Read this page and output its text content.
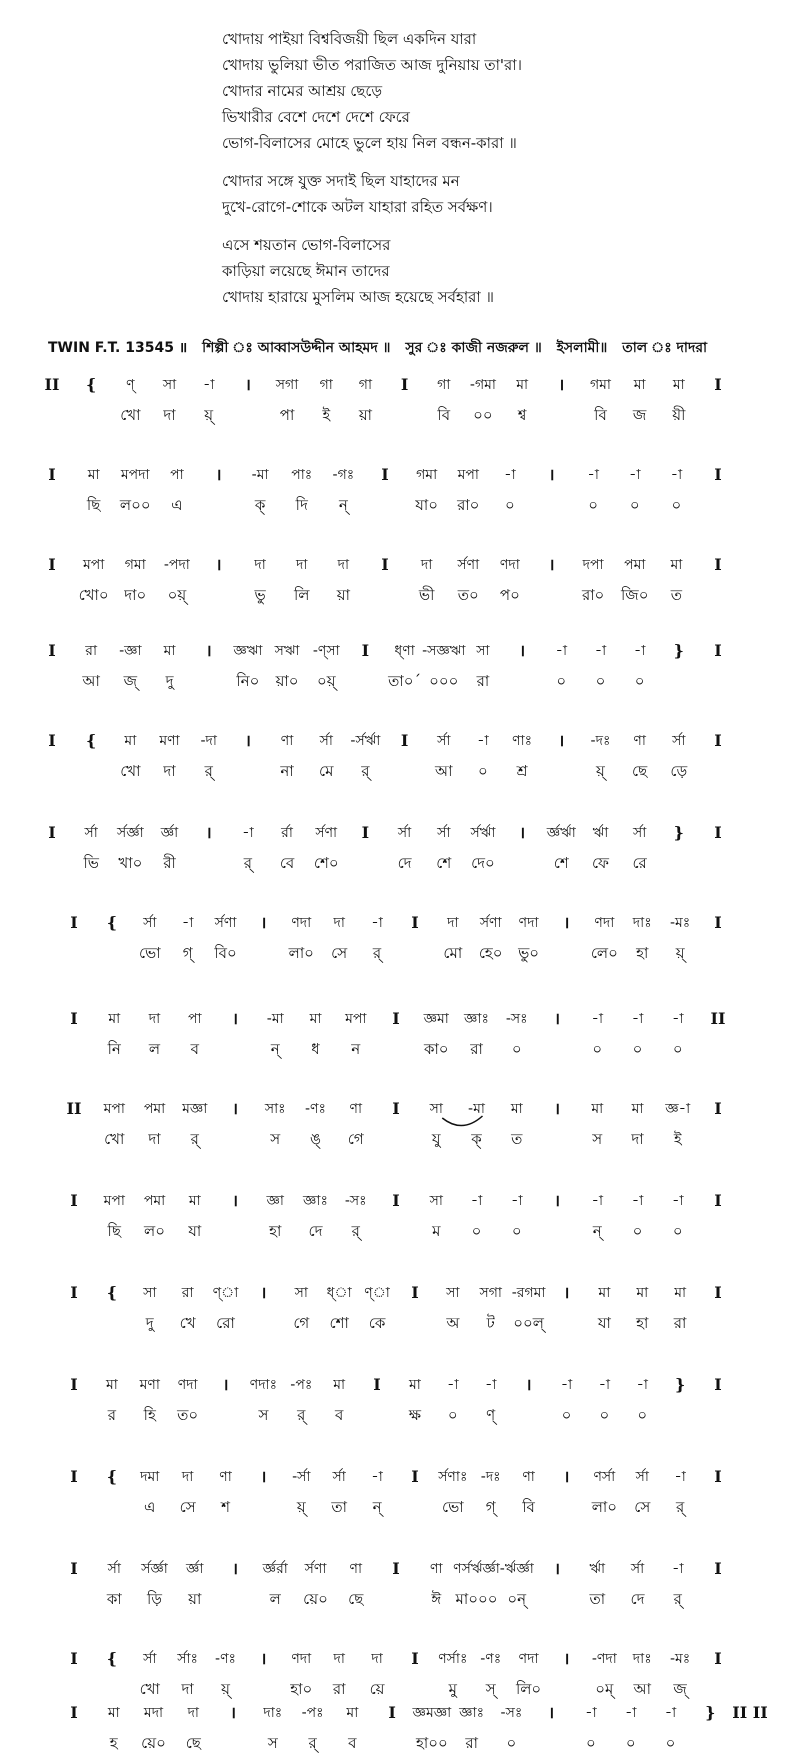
খোদায় পাইয়া বিশ্ববিজয়ী ছিল একদিন যারা
খোদায় ভুলিয়া ভীত পরাজিত আজ দুনিয়ায় তা'রা।
খোদার নামের আশ্রয় ছেড়ে
ভিখারীর বেশে দেশে দেশে ফেরে
ভোগ-বিলাসের মোহে ভুলে হায় নিল বন্ধন-কারা ॥
খোদার সঙ্গে যুক্ত সদাই ছিল যাহাদের মন
দুখে-রোগে-শোকে অটল যাহারা রহিত সর্বক্ষণ।
এসে শয়তান ভোগ-বিলাসের
কাড়িয়া লয়েছে ঈমান তাদের
খোদায় হারায়ে মুসলিম আজ হয়েছে সর্বহারা ॥
TWIN F.T. 13545 ॥ শিল্পী ঃ আব্বাসউদ্দীন আহমদ ॥ সুর ঃ কাজী নজরুল ॥ ইসলামী॥ তাল ঃ দাদরা
II { ণ্ সা -া । সগা গা গা I গা -গমা মা । গমা মা মা I
খো দা য়্	পা ই য়া	বি ০০ শ্ব	বি জ য়ী
I মা মপদা পা । -মা পাঃ -গঃ I গমা মপা -া । -া -া -া I
ছি ল০০ এ	ক্ দি ন্	যা০ রা০ ০	০ ০ ০
I মপা গমা -পদা । দা দা দা I দা র্সণা ণদা । দপা পমা মা I
খো০ দা০ ০য়্	ভু লি য়া	ভী ত০ প০	রা০ জি০ ত
I রা -জ্ঞা মা । জ্ঞঋা সঋা -ণ্সা I ধ্ণা -সজ্ঞঋা সা । -া -া -া } I
আ জ্ দু	নি০ য়া০ ০য়্	তা০´ ০০০ রা	০ ০ ০
I { মা মণা -দা । ণা র্সা -র্সর্ঋা I র্সা -া ণাঃ । -দঃ ণা র্সা I
খো দা র্	না মে র্	আ ০ শ্র	য়্ ছে ড়ে
I র্সা র্সর্জ্ঞা র্জ্ঞা । -া র্রা র্সণা I র্সা র্সা র্সর্ঋা । র্জ্ঞর্ঋা র্ঋা র্সা } I
ভি খা০ রী	র্ বে শে০	দে শে দে০	শে ফে রে
I { র্সা -া র্সণা । ণদা দা -া I দা র্সণা ণদা । ণদা দাঃ -মঃ I
ভো গ্ বি০	লা০ সে র্	মো হে০ ভু০	লে০ হা য়্
I মা দা পা । -মা মা মপা I জ্ঞমা জ্ঞাঃ -সঃ । -া -া -া II
নি ল ব	ন্ ধ ন	কা০ রা ০	০ ০ ০
II মপা পমা মজ্ঞা । সাঃ -ণঃ ণা I সা -মা মা । মা মা জ্ঞ-া I
খো দা র্	স ঙ্ গে	যু ক্ ত	স দা ই
I মপা পমা মা । জ্ঞা জ্ঞাঃ -সঃ I সা -া -া । -া -া -া I
ছি ল০ যা	হা দে র্	ম ০ ০	ন্ ০ ০
I { সা রা ণ্া । সা ধ্া ণ্া I সা সগা -রগমা । মা মা মা I
দু খে রো	গে শো কে	অ ট ০০ল্	যা হা রা
I মা মণা ণদা । ণদাঃ -পঃ মা I মা -া -া । -া -া -া } I
র হি ত০	স র্ ব	ক্ষ ০ ণ্	০ ০ ০
I { দমা দা ণা । -র্সা র্সা -া I র্সণাঃ -দঃ ণা । ণর্সা র্সা -া I
এ সে শ	য়্ তা ন্	ভো গ্ বি	লা০ সে র্
I র্সা র্সর্জ্ঞা র্জ্ঞা । র্জ্ঞর্রা র্সণা ণা I ণা ণর্সর্ঋর্জ্ঞা -র্ঋর্জ্ঞা । র্ঋা র্সা -া I
কা ড়ি য়া	ল য়ে০ ছে	ঈ মা০০০ ০ন্	তা দে র্
I { র্সা র্সাঃ -ণঃ । ণদা দা দা I ণর্সাঃ -ণঃ ণদা । -ণদা দাঃ -মঃ I
খো দা য়্	হা০ রা য়ে	মু স্ লি০	০ম্ আ জ্
I মা মদা দা । দাঃ -পঃ মা I জ্ঞমজ্ঞা জ্ঞাঃ -সঃ । -া -া -া } II II
হ য়ে০ ছে	স র্ ব	হা০০ রা ০	০ ০ ০
